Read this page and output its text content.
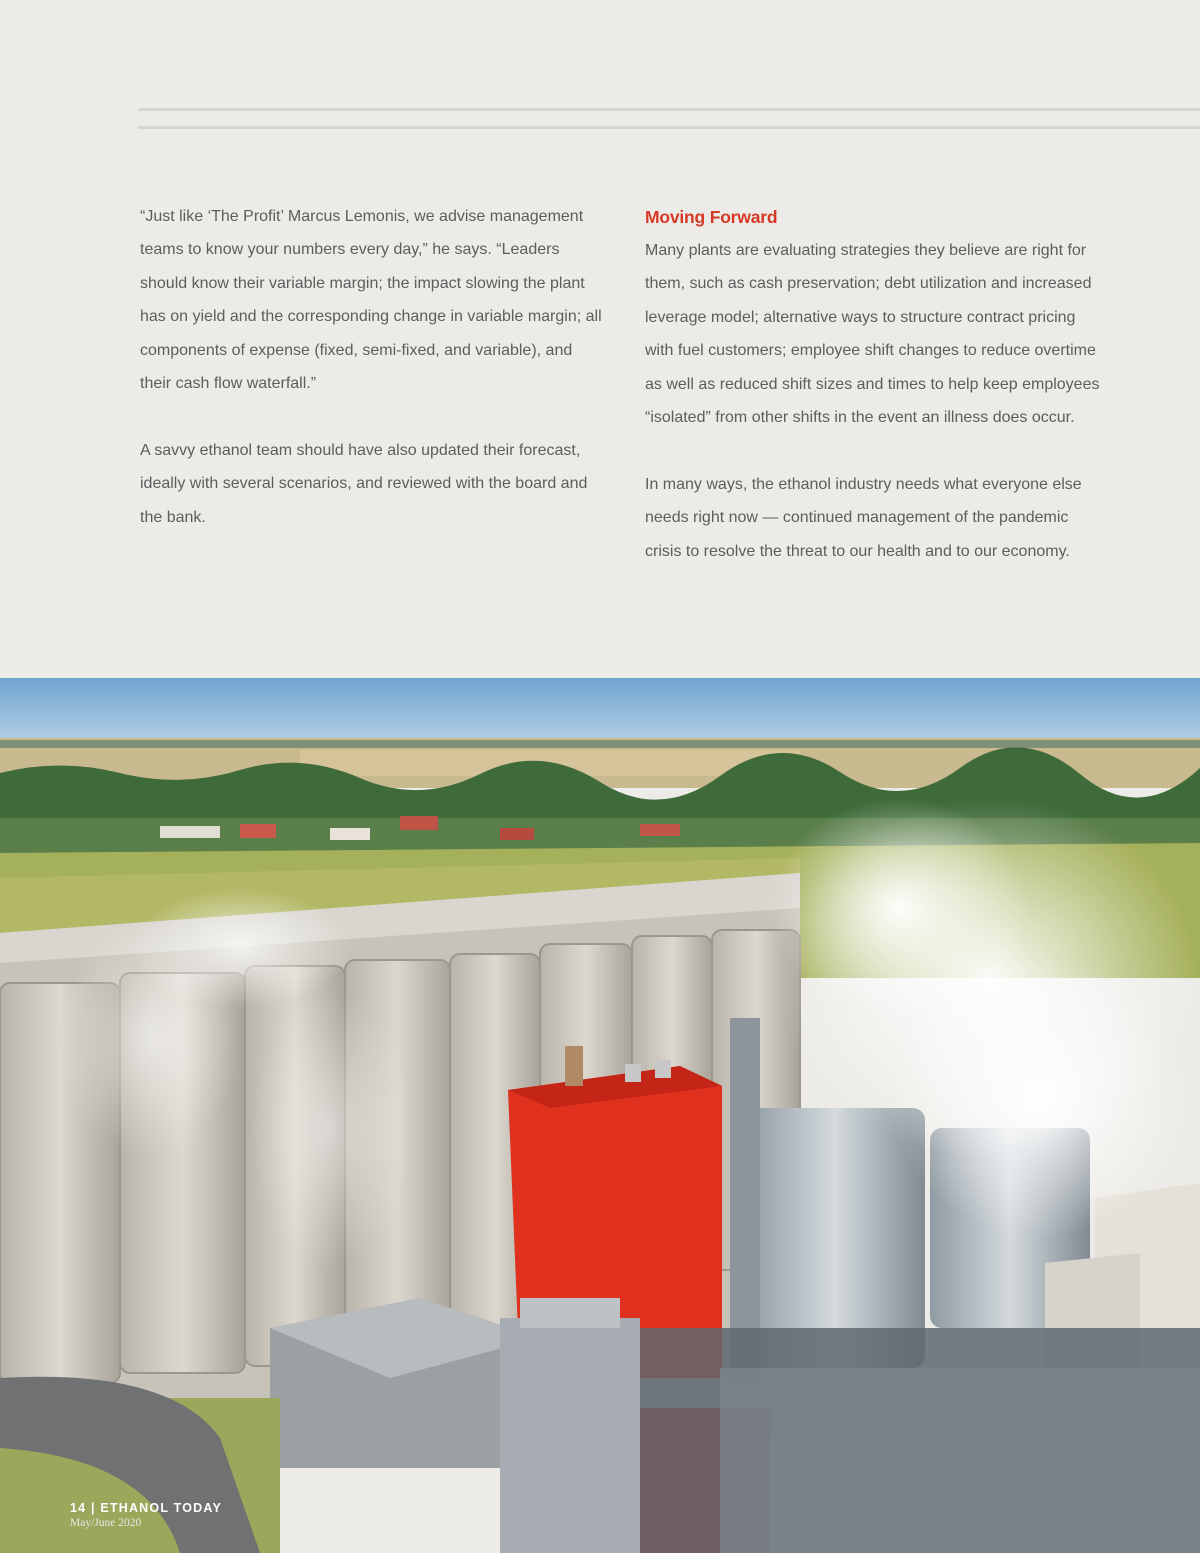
“Just like ‘The Profit’ Marcus Lemonis, we advise management teams to know your numbers every day,” he says. “Leaders should know their variable margin; the impact slowing the plant has on yield and the corresponding change in variable margin; all components of expense (fixed, semi-fixed, and variable), and their cash flow waterfall.”

A savvy ethanol team should have also updated their forecast, ideally with several scenarios, and reviewed with the board and the bank.

Moving Forward

Many plants are evaluating strategies they believe are right for them, such as cash preservation; debt utilization and increased leverage model; alternative ways to structure contract pricing with fuel customers; employee shift changes to reduce overtime as well as reduced shift sizes and times to help keep employees “isolated” from other shifts in the event an illness does occur.

In many ways, the ethanol industry needs what everyone else needs right now — continued management of the pandemic crisis to resolve the threat to our health and to our economy.

14 | ETHANOL TODAY
May/June 2020
